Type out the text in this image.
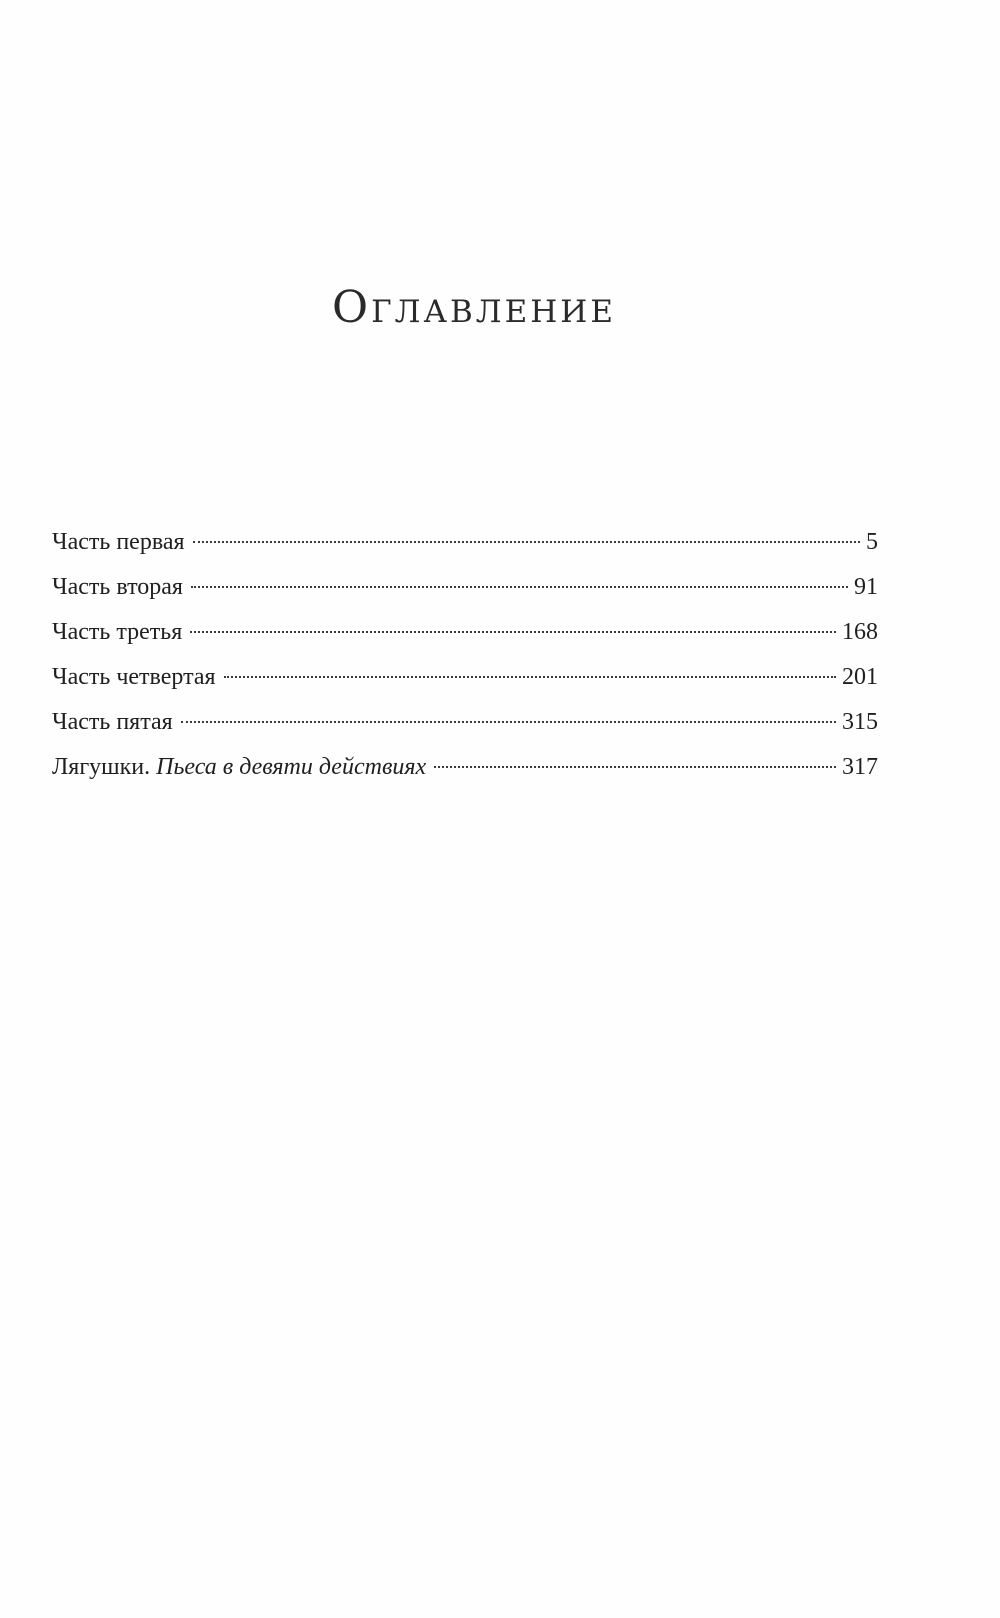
Оглавление
Часть первая	5
Часть вторая	91
Часть третья	168
Часть четвертая	201
Часть пятая	315
Лягушки. Пьеса в девяти действиях	317
